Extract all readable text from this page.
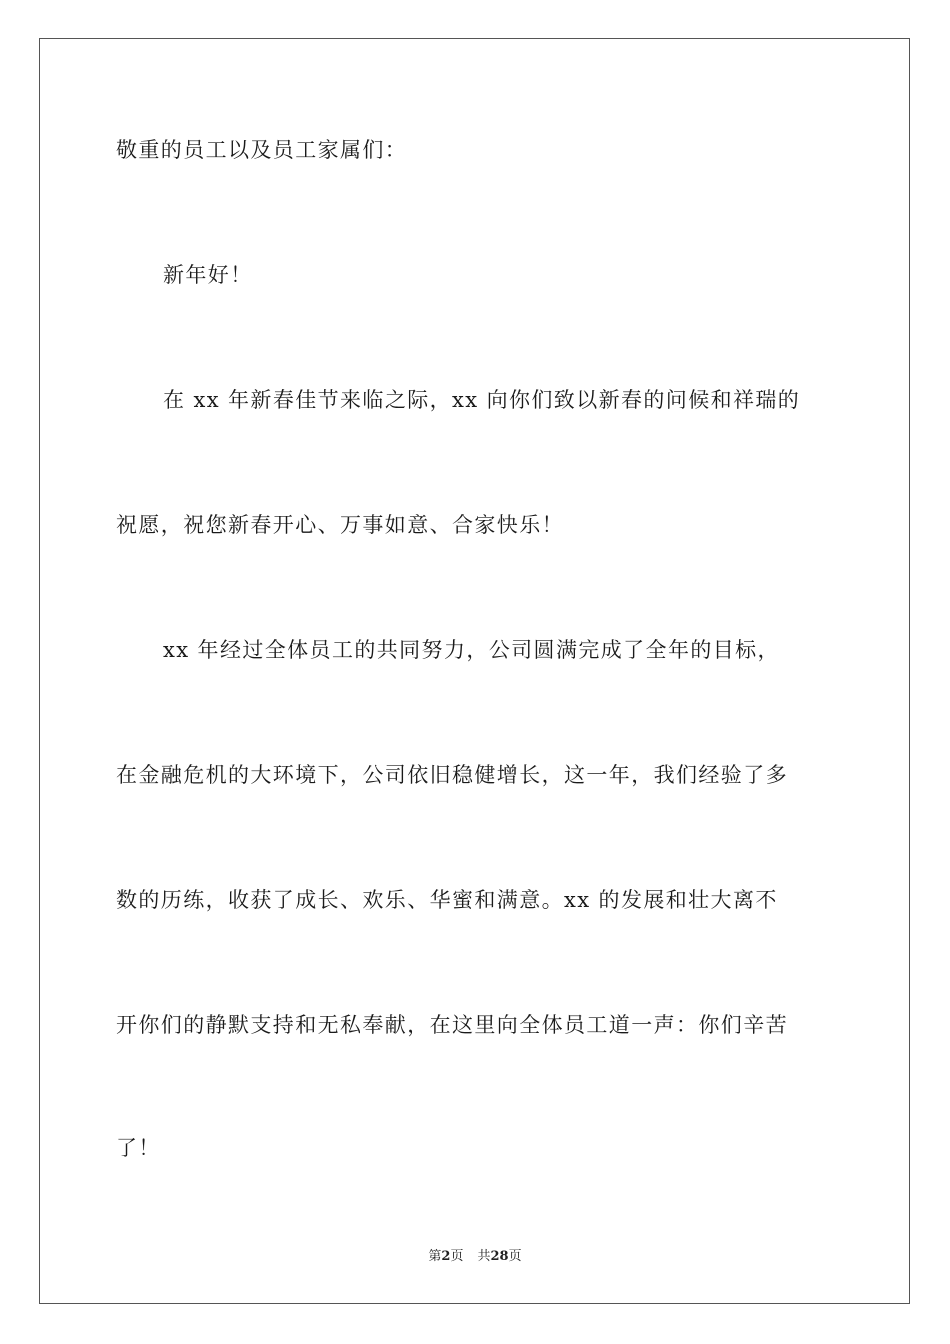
敬重的员工以及员工家属们：
新年好！
在 xx 年新春佳节来临之际，xx 向你们致以新春的问候和祥瑞的
祝愿，祝您新春开心、万事如意、合家快乐！
xx 年经过全体员工的共同努力，公司圆满完成了全年的目标，
在金融危机的大环境下，公司依旧稳健增长，这一年，我们经验了多
数的历练，收获了成长、欢乐、华蜜和满意。xx 的发展和壮大离不
开你们的静默支持和无私奉献，在这里向全体员工道一声：你们辛苦
了！
第2页 共28页
